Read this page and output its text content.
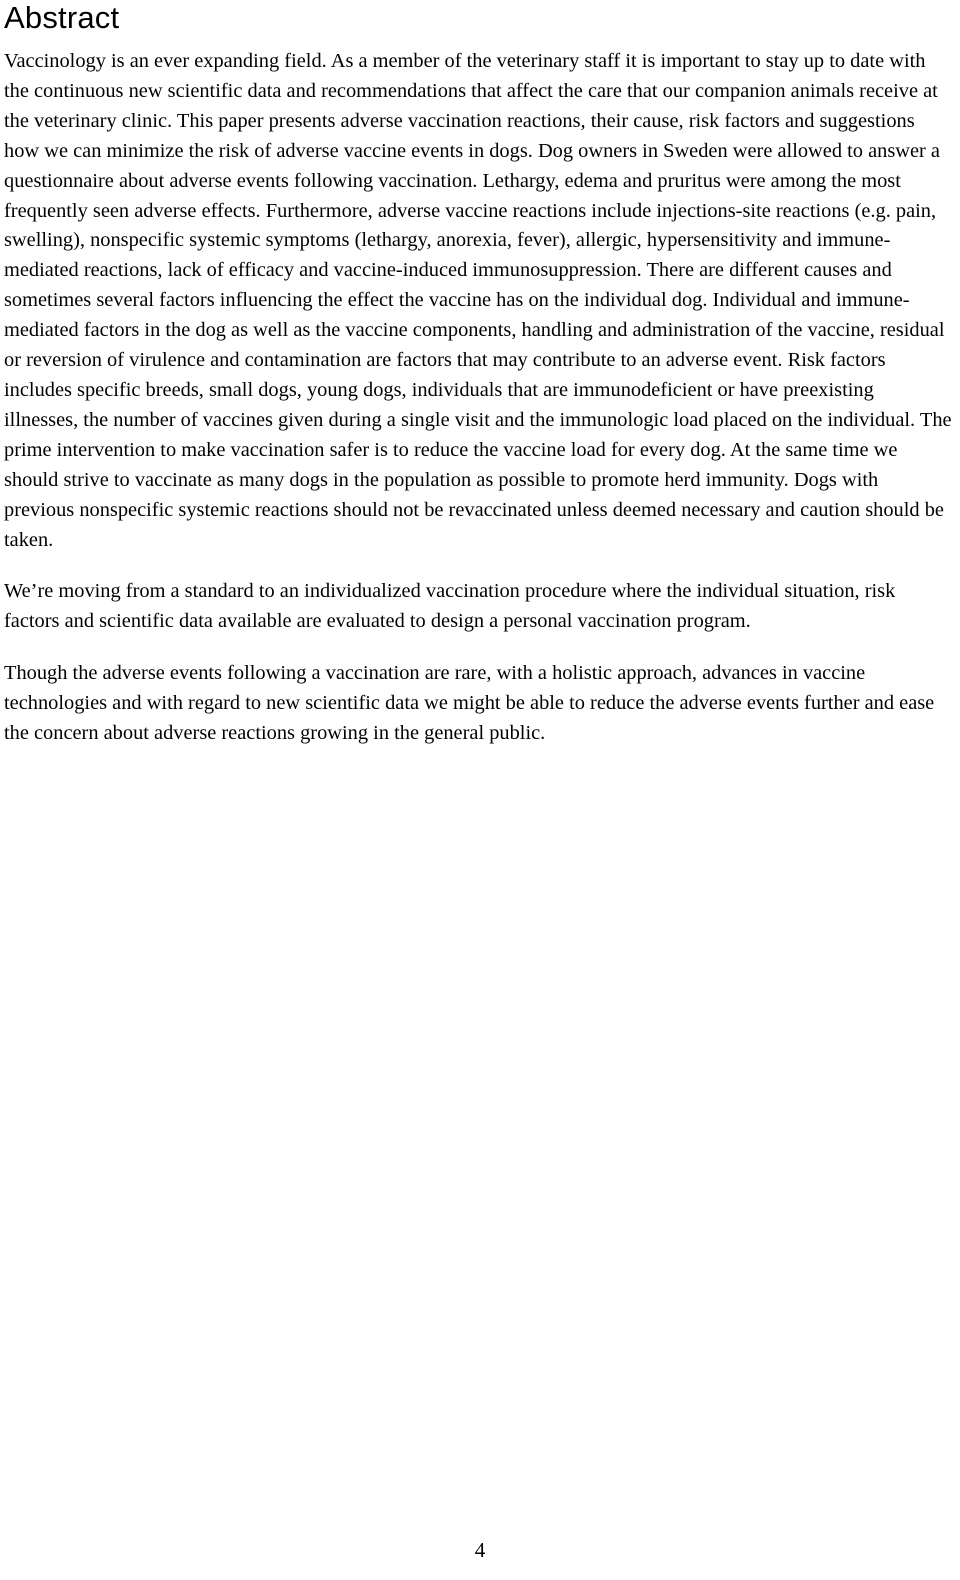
Abstract

Vaccinology is an ever expanding field. As a member of the veterinary staff it is important to stay up to date with the continuous new scientific data and recommendations that affect the care that our companion animals receive at the veterinary clinic. This paper presents adverse vaccination reactions, their cause, risk factors and suggestions how we can minimize the risk of adverse vaccine events in dogs. Dog owners in Sweden were allowed to answer a questionnaire about adverse events following vaccination. Lethargy, edema and pruritus were among the most frequently seen adverse effects. Furthermore, adverse vaccine reactions include injections-site reactions (e.g. pain, swelling), nonspecific systemic symptoms (lethargy, anorexia, fever), allergic, hypersensitivity and immune-mediated reactions, lack of efficacy and vaccine-induced immunosuppression. There are different causes and sometimes several factors influencing the effect the vaccine has on the individual dog. Individual and immune-mediated factors in the dog as well as the vaccine components, handling and administration of the vaccine, residual or reversion of virulence and contamination are factors that may contribute to an adverse event. Risk factors includes specific breeds, small dogs, young dogs, individuals that are immunodeficient or have preexisting illnesses, the number of vaccines given during a single visit and the immunologic load placed on the individual. The prime intervention to make vaccination safer is to reduce the vaccine load for every dog. At the same time we should strive to vaccinate as many dogs in the population as possible to promote herd immunity. Dogs with previous nonspecific systemic reactions should not be revaccinated unless deemed necessary and caution should be taken.

We’re moving from a standard to an individualized vaccination procedure where the individual situation, risk factors and scientific data available are evaluated to design a personal vaccination program.

Though the adverse events following a vaccination are rare, with a holistic approach, advances in vaccine technologies and with regard to new scientific data we might be able to reduce the adverse events further and ease the concern about adverse reactions growing in the general public.

4
